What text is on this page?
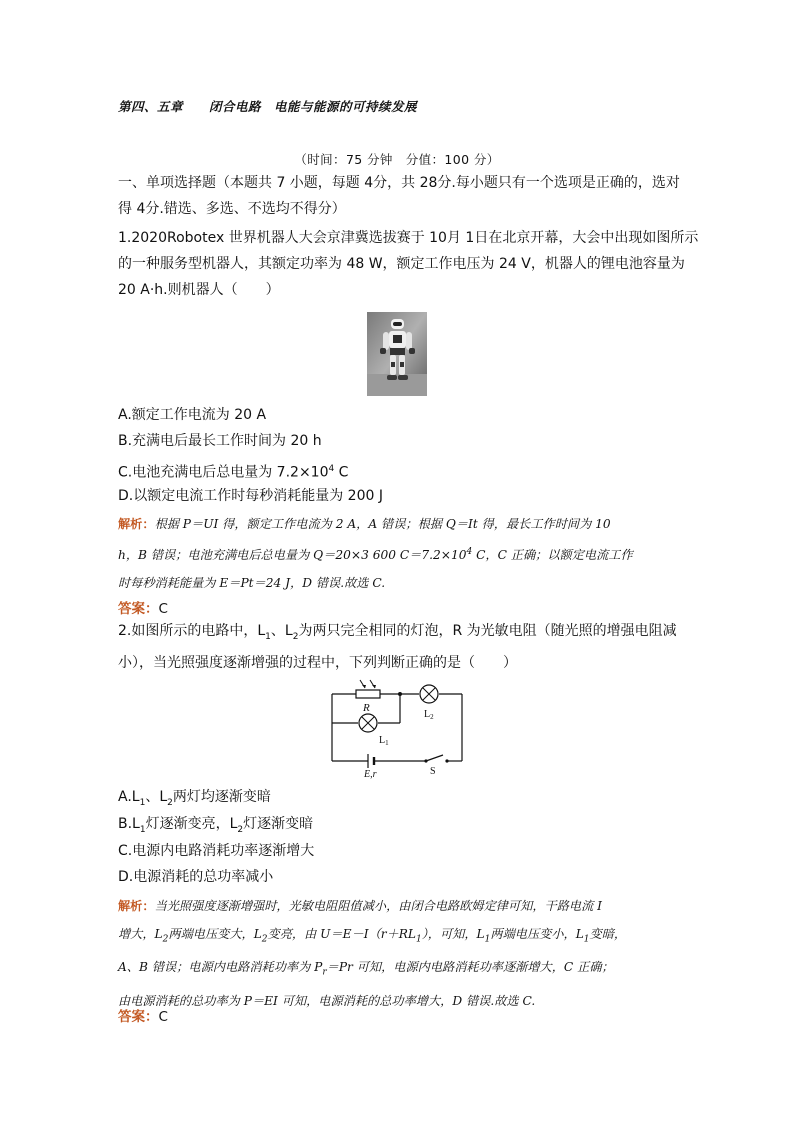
第四、五章 闭合电路　电能与能源的可持续发展
（时间：75 分钟　分值：100 分）
一、单项选择题（本题共 7 小题，每题 4分，共 28分.每小题只有一个选项是正确的，选对
得 4分.错选、多选、不选均不得分）
1.2020Robotex 世界机器人大会京津冀选拔赛于 10月 1日在北京开幕，大会中出现如图所示
的一种服务型机器人，其额定功率为 48 W，额定工作电压为 24 V，机器人的锂电池容量为
20 A·h.则机器人（　　）
A.额定工作电流为 20 A
B.充满电后最长工作时间为 20 h
C.电池充满电后总电量为 $7.2\times 10^4$ C
D.以额定电流工作时每秒消耗能量为 200 J
解析：根据 P＝UI 得，额定工作电流为 2 A，A 错误；根据 Q＝It 得，最长工作时间为 10
h，B 错误；电池充满电后总电量为 Q＝20×3 600 $C=7.2\times 10^4$ C，C 正确；以额定电流工作
时每秒消耗能量为 E＝Pt＝24 J，D 错误.故选 C.
答案：C
2.如图所示的电路中，$L_1$、$L_2$为两只完全相同的灯泡，R 为光敏电阻（随光照的增强电阻减
小），当光照强度逐渐增强的过程中，下列判断正确的是（　　）
R
$L_1$
$L_2$
E,r	S
$A.L_1$、$L_2$两灯均逐渐变暗
$B.L_1$灯逐渐变亮，$L_2$灯逐渐变暗
C.电源内电路消耗功率逐渐增大
D.电源消耗的总功率减小
解析：当光照强度逐渐增强时，光敏电阻阻值减小，由闭合电路欧姆定律可知，干路电流 I
增大，$L_2$两端电压变大，$L_2$变亮，由 $U=E-I(r+RL_1)$，可知，$L_1$两端电压变小，$L_1$变暗，
A、B 错误；电源内电路消耗功率为 $P_r=Pr$ 可知，电源内电路消耗功率逐渐增大，C 正确；
由电源消耗的总功率为 P＝EI 可知，电源消耗的总功率增大，D 错误.故选 C.
答案：C
